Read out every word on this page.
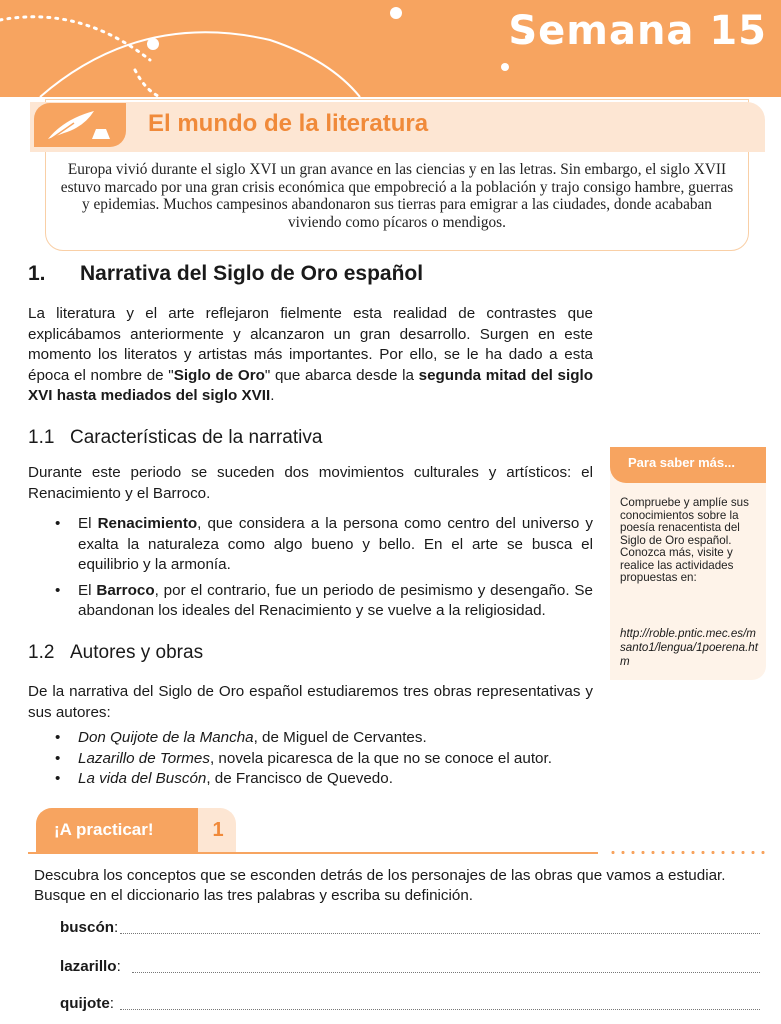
Semana 15
El mundo de la literatura
Europa vivió durante el siglo XVI un gran avance en las ciencias y en las letras. Sin embargo, el siglo XVII estuvo marcado por una gran crisis económica que empobreció a la población y trajo consigo hambre, guerras y epidemias. Muchos campesinos abandonaron sus tierras para emigrar a las ciudades, donde acababan viviendo como pícaros o mendigos.
1. Narrativa del Siglo de Oro español

La literatura y el arte reflejaron fielmente esta realidad de contrastes que explicábamos anteriormente y alcanzaron un gran desarrollo. Surgen en este momento los literatos y artistas más importantes. Por ello, se le ha dado a esta época el nombre de "Siglo de Oro" que abarca desde la segunda mitad del siglo XVI hasta mediados del siglo XVII.

1.1 Características de la narrativa

Durante este periodo se suceden dos movimientos culturales y artísticos: el Renacimiento y el Barroco.

• El Renacimiento, que considera a la persona como centro del universo y exalta la naturaleza como algo bueno y bello. En el arte se busca el equilibrio y la armonía.
• El Barroco, por el contrario, fue un periodo de pesimismo y desengaño. Se abandonan los ideales del Renacimiento y se vuelve a la religiosidad.
Para saber más...
Compruebe y amplíe sus conocimientos sobre la poesía renacentista del Siglo de Oro español. Conozca más, visite y realice las actividades propuestas en:
http://roble.pntic.mec.es/msanto1/lengua/1poerena.htm
1.2 Autores y obras

De la narrativa del Siglo de Oro español estudiaremos tres obras representativas y sus autores:

• Don Quijote de la Mancha, de Miguel de Cervantes.
• Lazarillo de Tormes, novela picaresca de la que no se conoce el autor.
• La vida del Buscón, de Francisco de Quevedo.
¡A practicar!	1

Descubra los conceptos que se esconden detrás de los personajes de las obras que vamos a estudiar. Busque en el diccionario las tres palabras y escriba su definición.

buscón:
lazarillo:
quijote:
